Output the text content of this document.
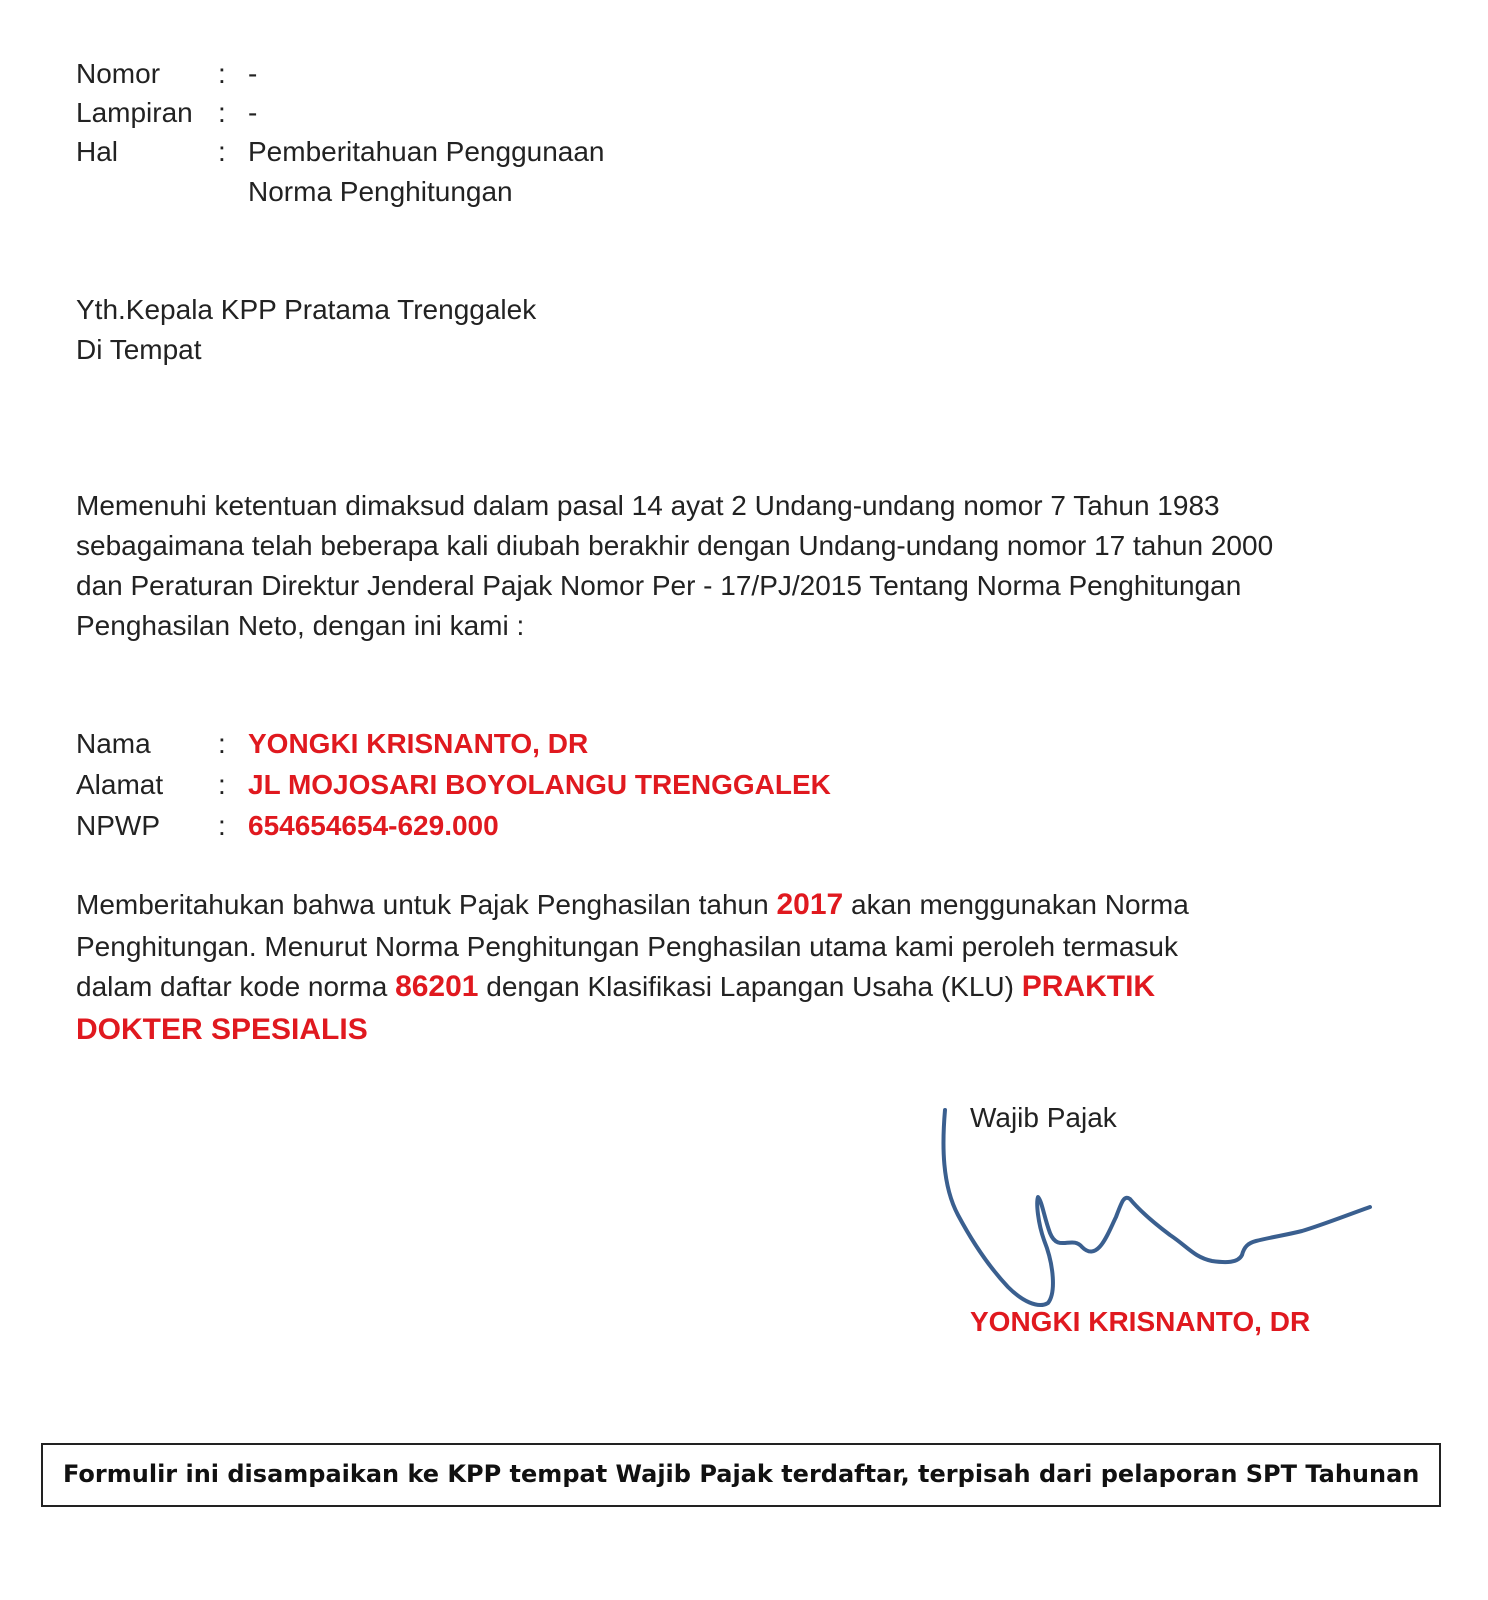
Nomor : -
Lampiran : -
Hal	: Pemberitahuan Penggunaan
Norma Penghitungan
Yth.Kepala KPP Pratama Trenggalek
Di Tempat
Memenuhi ketentuan dimaksud dalam pasal 14 ayat 2 Undang-undang nomor 7 Tahun 1983
sebagaimana telah beberapa kali diubah berakhir dengan Undang-undang nomor 17 tahun 2000
dan Peraturan Direktur Jenderal Pajak Nomor Per - 17/PJ/2015 Tentang Norma Penghitungan
Penghasilan Neto, dengan ini kami :
Nama : YONGKI KRISNANTO, DR
Alamat : JL MOJOSARI BOYOLANGU TRENGGALEK
NPWP : 654654654-629.000
Memberitahukan bahwa untuk Pajak Penghasilan tahun 2017 akan menggunakan Norma
Penghitungan. Menurut Norma Penghitungan Penghasilan utama kami peroleh termasuk
dalam daftar kode norma 86201 dengan Klasifikasi Lapangan Usaha (KLU) PRAKTIK
DOKTER SPESIALIS
Wajib Pajak
YONGKI KRISNANTO, DR
Formulir ini disampaikan ke KPP tempat Wajib Pajak terdaftar, terpisah dari pelaporan SPT Tahunan
